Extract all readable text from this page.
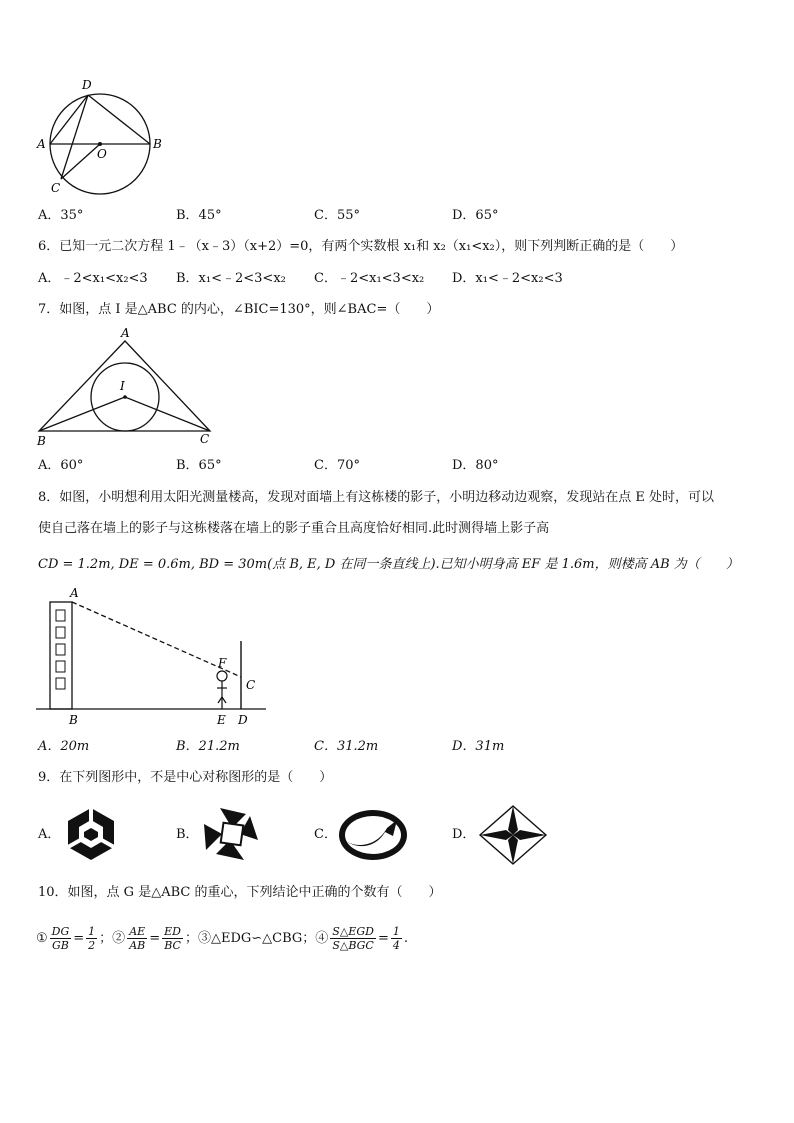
D
A
O
B
C
A．35°	B．45°	C．55°	D．65°
6．已知一元二次方程 1﹣（x﹣3）（x+2）=0，有两个实数根 x₁和 x₂（x₁<x₂），则下列判断正确的是（　　）
A．﹣2<x₁<x₂<3 B．x₁<﹣2<3<x₂ C．﹣2<x₁<3<x₂ D．x₁<﹣2<x₂<3
7．如图，点 I 是△ABC 的内心，∠BIC=130°，则∠BAC=（　　）
A
I
B	C
A．60°	B．65°	C．70°	D．80°
8．如图，小明想利用太阳光测量楼高，发现对面墙上有这栋楼的影子，小明边移动边观察，发现站在点 E 处时，可以
使自己落在墙上的影子与这栋楼落在墙上的影子重合且高度恰好相同.此时测得墙上影子高
CD = 1.2m, DE = 0.6m, BD = 30m(点 B, E, D 在同一条直线上).已知小明身高 EF 是 1.6m，则楼高 AB 为（　　）
A
B
F
C
E D
A．20m	B．21.2m	C．31.2m	D．31m
9．在下列图形中，不是中心对称图形的是（　　）
A．	B．	C．	D．
10．如图，点 G 是△ABC 的重心，下列结论中正确的个数有（　　）
① $\frac{DG}{GB} = \frac{1}{2}$ ；② $\frac{AE}{AB} = \frac{ED}{BC}$ ；③△EDG∽△CBG；④ $\frac{\text{S△EGD}}{\text{S△BGC}} = \frac{1}{4}$ .
